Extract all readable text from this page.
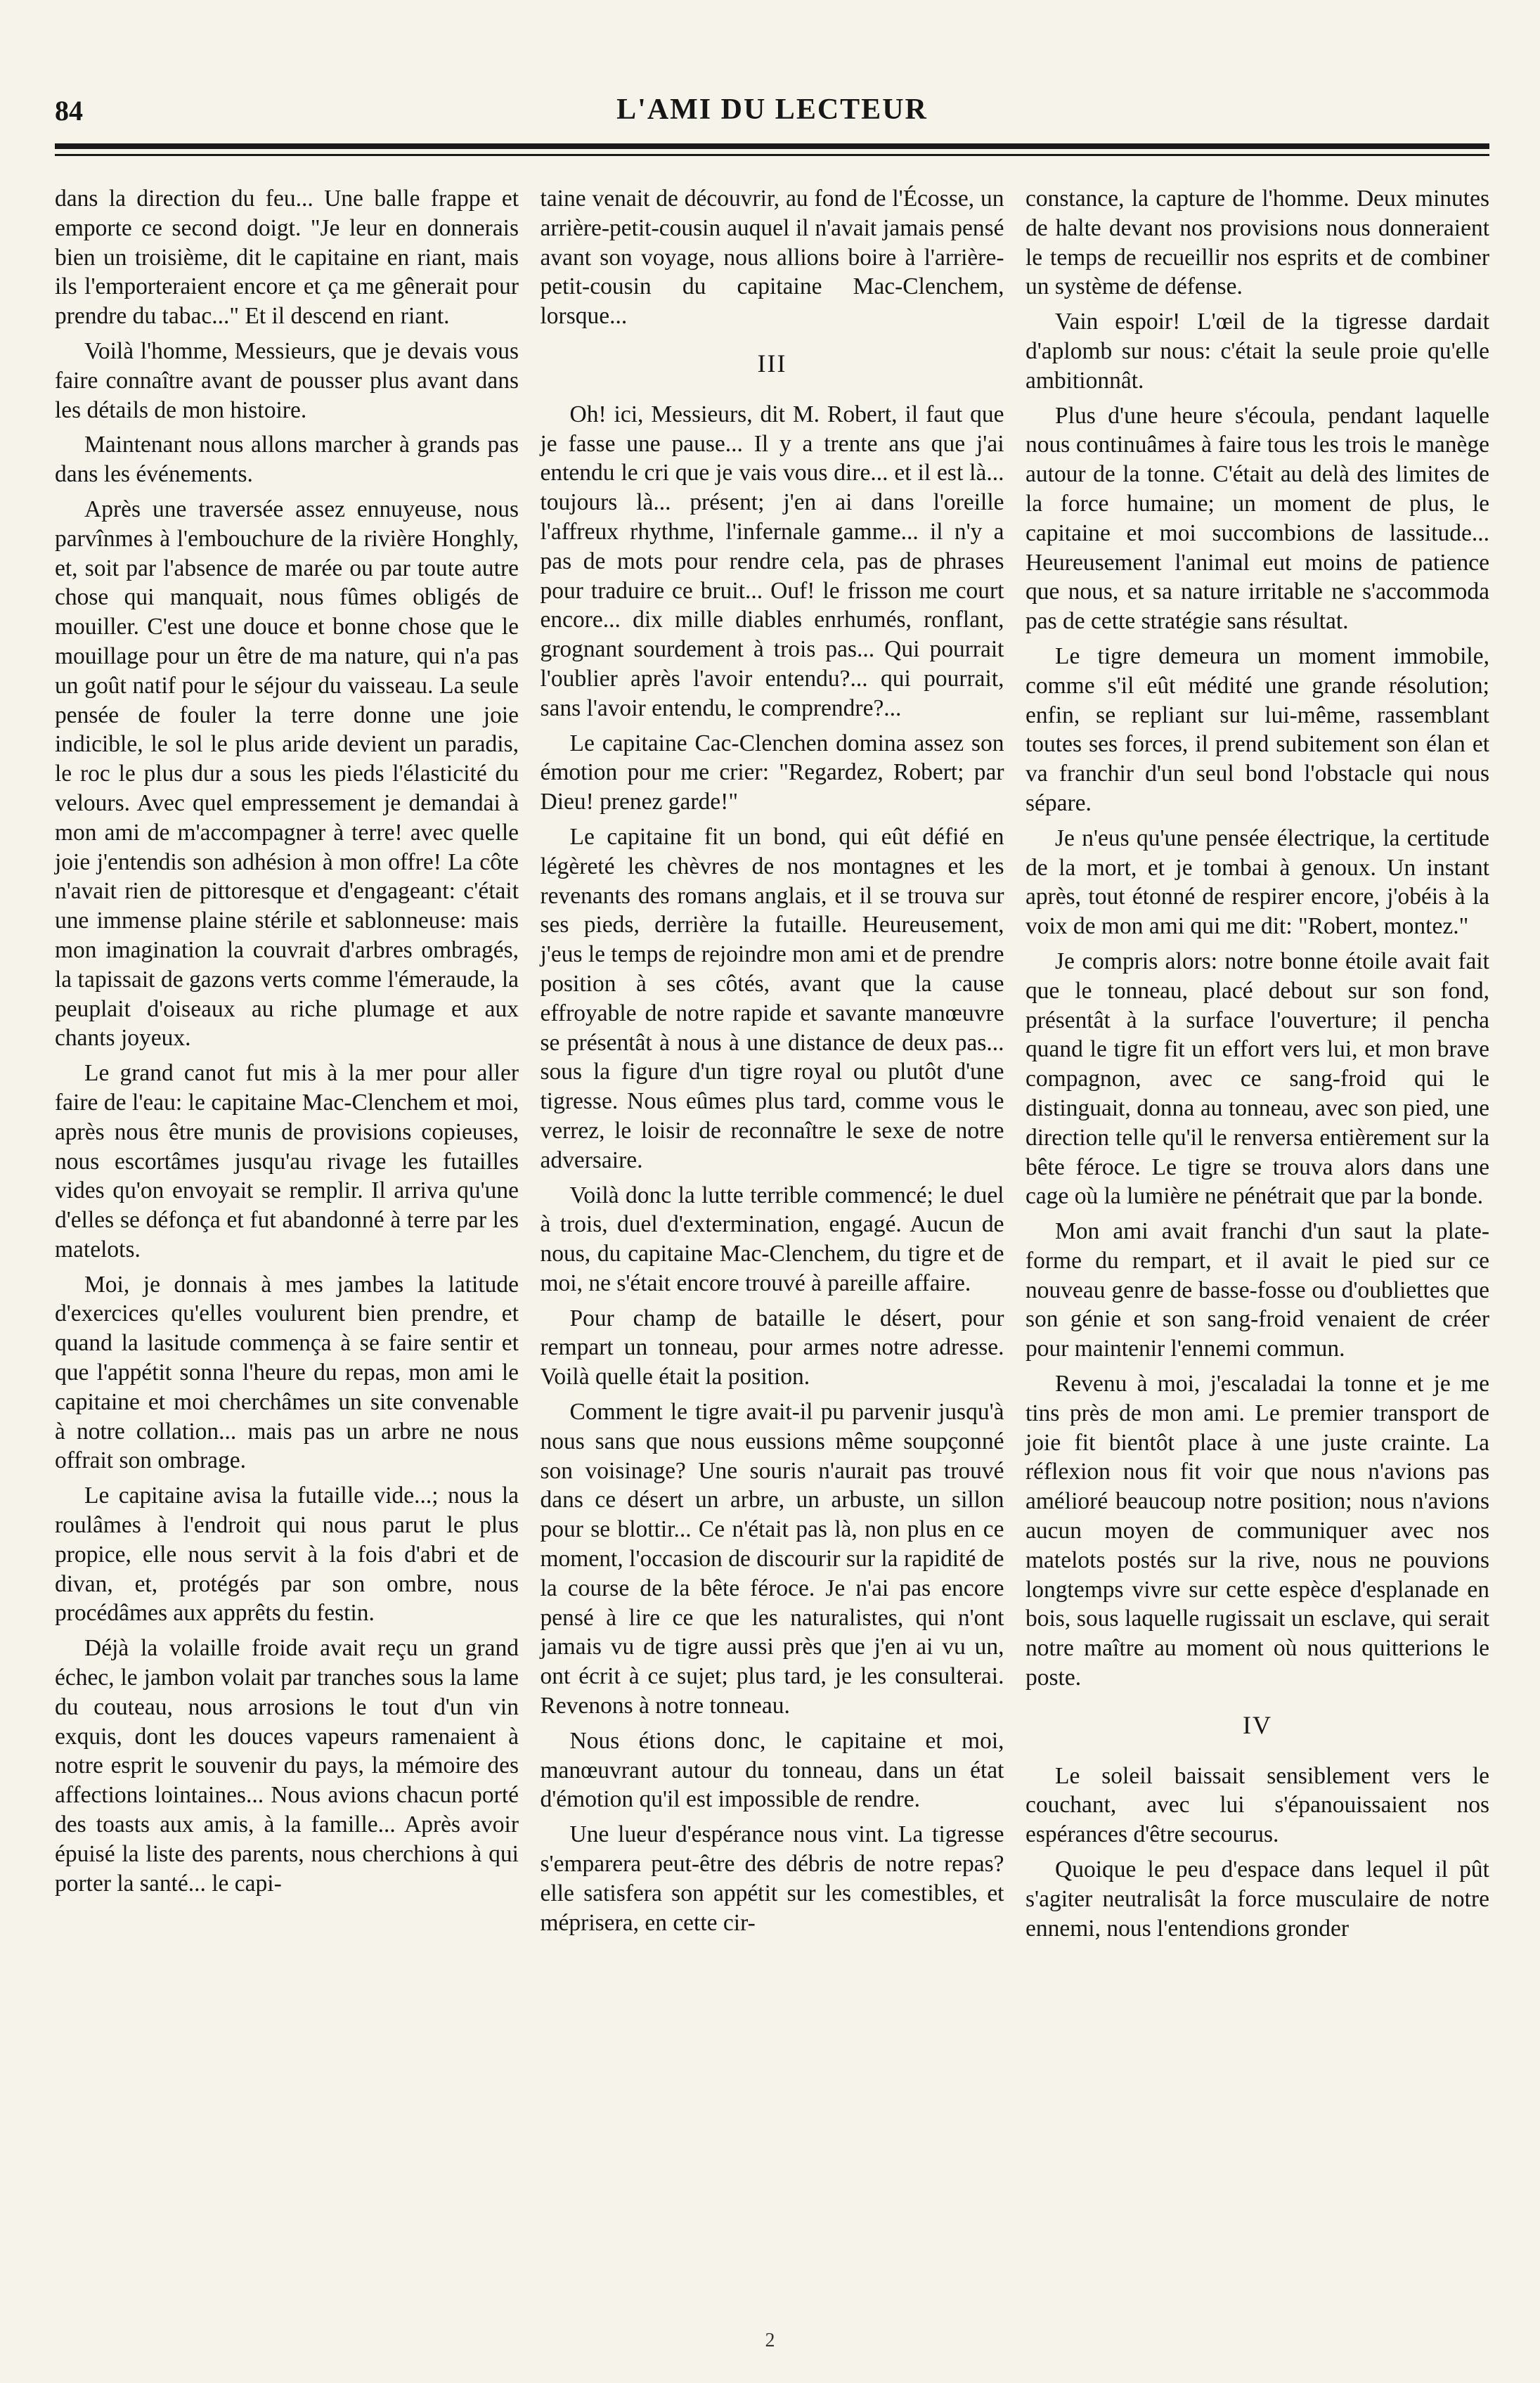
84	L'AMI DU LECTEUR

dans la direction du feu... Une balle frappe et emporte ce second doigt. "Je leur en donnerais bien un troisième, dit le capitaine en riant, mais ils l'emporteraient encore et ça me gênerait pour prendre du tabac..." Et il descend en riant.

Voilà l'homme, Messieurs, que je devais vous faire connaître avant de pousser plus avant dans les détails de mon histoire.

Maintenant nous allons marcher à grands pas dans les événements.

Après une traversée assez ennuyeuse, nous parvînmes à l'embouchure de la rivière Honghly, et, soit par l'absence de marée ou par toute autre chose qui manquait, nous fûmes obligés de mouiller. C'est une douce et bonne chose que le mouillage pour un être de ma nature, qui n'a pas un goût natif pour le séjour du vaisseau. La seule pensée de fouler la terre donne une joie indicible, le sol le plus aride devient un paradis, le roc le plus dur a sous les pieds l'élasticité du velours. Avec quel empressement je demandai à mon ami de m'accompagner à terre! avec quelle joie j'entendis son adhésion à mon offre! La côte n'avait rien de pittoresque et d'engageant: c'était une immense plaine stérile et sablonneuse: mais mon imagination la couvrait d'arbres ombragés, la tapissait de gazons verts comme l'émeraude, la peuplait d'oiseaux au riche plumage et aux chants joyeux.

Le grand canot fut mis à la mer pour aller faire de l'eau: le capitaine Mac-Clenchem et moi, après nous être munis de provisions copieuses, nous escortâmes jusqu'au rivage les futailles vides qu'on envoyait se remplir. Il arriva qu'une d'elles se défonça et fut abandonné à terre par les matelots.

Moi, je donnais à mes jambes la latitude d'exercices qu'elles voulurent bien prendre, et quand la lasitude commença à se faire sentir et que l'appétit sonna l'heure du repas, mon ami le capitaine et moi cherchâmes un site convenable à notre collation... mais pas un arbre ne nous offrait son ombrage.

Le capitaine avisa la futaille vide...; nous la roulâmes à l'endroit qui nous parut le plus propice, elle nous servit à la fois d'abri et de divan, et, protégés par son ombre, nous procédâmes aux apprêts du festin.

Déjà la volaille froide avait reçu un grand échec, le jambon volait par tranches sous la lame du couteau, nous arrosions le tout d'un vin exquis, dont les douces vapeurs ramenaient à notre esprit le souvenir du pays, la mémoire des affections lointaines... Nous avions chacun porté des toasts aux amis, à la famille... Après avoir épuisé la liste des parents, nous cherchions à qui porter la santé... le capi-

taine venait de découvrir, au fond de l'Écosse, un arrière-petit-cousin auquel il n'avait jamais pensé avant son voyage, nous allions boire à l'arrière-petit-cousin du capitaine Mac-Clenchem, lorsque...

III

Oh! ici, Messieurs, dit M. Robert, il faut que je fasse une pause... Il y a trente ans que j'ai entendu le cri que je vais vous dire... et il est là... toujours là... présent; j'en ai dans l'oreille l'affreux rhythme, l'infernale gamme... il n'y a pas de mots pour rendre cela, pas de phrases pour traduire ce bruit... Ouf! le frisson me court encore... dix mille diables enrhumés, ronflant, grognant sourdement à trois pas... Qui pourrait l'oublier après l'avoir entendu?... qui pourrait, sans l'avoir entendu, le comprendre?...

Le capitaine Cac-Clenchen domina assez son émotion pour me crier: "Regardez, Robert; par Dieu! prenez garde!"

Le capitaine fit un bond, qui eût défié en légèreté les chèvres de nos montagnes et les revenants des romans anglais, et il se trouva sur ses pieds, derrière la futaille. Heureusement, j'eus le temps de rejoindre mon ami et de prendre position à ses côtés, avant que la cause effroyable de notre rapide et savante manœuvre se présentât à nous à une distance de deux pas... sous la figure d'un tigre royal ou plutôt d'une tigresse. Nous eûmes plus tard, comme vous le verrez, le loisir de reconnaître le sexe de notre adversaire.

Voilà donc la lutte terrible commencé; le duel à trois, duel d'extermination, engagé. Aucun de nous, du capitaine Mac-Clenchem, du tigre et de moi, ne s'était encore trouvé à pareille affaire.

Pour champ de bataille le désert, pour rempart un tonneau, pour armes notre adresse. Voilà quelle était la position.

Comment le tigre avait-il pu parvenir jusqu'à nous sans que nous eussions même soupçonné son voisinage? Une souris n'aurait pas trouvé dans ce désert un arbre, un arbuste, un sillon pour se blottir... Ce n'était pas là, non plus en ce moment, l'occasion de discourir sur la rapidité de la course de la bête féroce. Je n'ai pas encore pensé à lire ce que les naturalistes, qui n'ont jamais vu de tigre aussi près que j'en ai vu un, ont écrit à ce sujet; plus tard, je les consulterai. Revenons à notre tonneau.

Nous étions donc, le capitaine et moi, manœuvrant autour du tonneau, dans un état d'émotion qu'il est impossible de rendre.

Une lueur d'espérance nous vint. La tigresse s'emparera peut-être des débris de notre repas? elle satisfera son appétit sur les comestibles, et méprisera, en cette cir-

constance, la capture de l'homme. Deux minutes de halte devant nos provisions nous donneraient le temps de recueillir nos esprits et de combiner un système de défense.

Vain espoir! L'œil de la tigresse dardait d'aplomb sur nous: c'était la seule proie qu'elle ambitionnât.

Plus d'une heure s'écoula, pendant laquelle nous continuâmes à faire tous les trois le manège autour de la tonne. C'était au delà des limites de la force humaine; un moment de plus, le capitaine et moi succombions de lassitude... Heureusement l'animal eut moins de patience que nous, et sa nature irritable ne s'accommoda pas de cette stratégie sans résultat.

Le tigre demeura un moment immobile, comme s'il eût médité une grande résolution; enfin, se repliant sur lui-même, rassemblant toutes ses forces, il prend subitement son élan et va franchir d'un seul bond l'obstacle qui nous sépare.

Je n'eus qu'une pensée électrique, la certitude de la mort, et je tombai à genoux. Un instant après, tout étonné de respirer encore, j'obéis à la voix de mon ami qui me dit: "Robert, montez."

Je compris alors: notre bonne étoile avait fait que le tonneau, placé debout sur son fond, présentât à la surface l'ouverture; il pencha quand le tigre fit un effort vers lui, et mon brave compagnon, avec ce sang-froid qui le distinguait, donna au tonneau, avec son pied, une direction telle qu'il le renversa entièrement sur la bête féroce. Le tigre se trouva alors dans une cage où la lumière ne pénétrait que par la bonde.

Mon ami avait franchi d'un saut la plate-forme du rempart, et il avait le pied sur ce nouveau genre de basse-fosse ou d'oubliettes que son génie et son sang-froid venaient de créer pour maintenir l'ennemi commun.

Revenu à moi, j'escaladai la tonne et je me tins près de mon ami. Le premier transport de joie fit bientôt place à une juste crainte. La réflexion nous fit voir que nous n'avions pas amélioré beaucoup notre position; nous n'avions aucun moyen de communiquer avec nos matelots postés sur la rive, nous ne pouvions longtemps vivre sur cette espèce d'esplanade en bois, sous laquelle rugissait un esclave, qui serait notre maître au moment où nous quitterions le poste.

IV

Le soleil baissait sensiblement vers le couchant, avec lui s'épanouissaient nos espérances d'être secourus.

Quoique le peu d'espace dans lequel il pût s'agiter neutralisât la force musculaire de notre ennemi, nous l'entendions gronder

2
